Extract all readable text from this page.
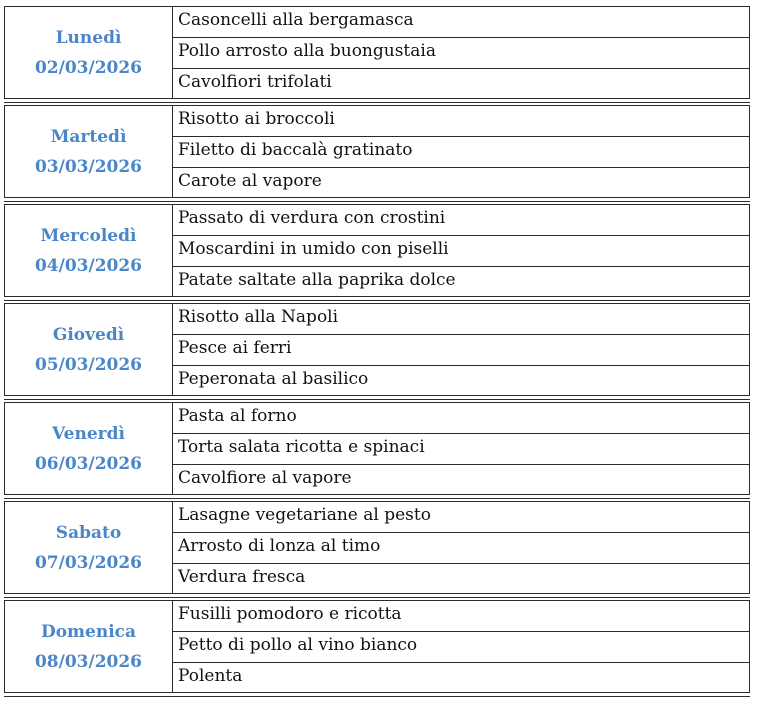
Lunedì
02/03/2026
Casoncelli alla bergamasca
Pollo arrosto alla buongustaia
Cavolfiori trifolati
Martedì
03/03/2026
Risotto ai broccoli
Filetto di baccalà gratinato
Carote al vapore
Mercoledì
04/03/2026
Passato di verdura con crostini
Moscardini in umido con piselli
Patate saltate alla paprika dolce
Giovedì
05/03/2026
Risotto alla Napoli
Pesce ai ferri
Peperonata al basilico
Venerdì
06/03/2026
Pasta al forno
Torta salata ricotta e spinaci
Cavolfiore al vapore
Sabato
07/03/2026
Lasagne vegetariane al pesto
Arrosto di lonza al timo
Verdura fresca
Domenica
08/03/2026
Fusilli pomodoro e ricotta
Petto di pollo al vino bianco
Polenta
